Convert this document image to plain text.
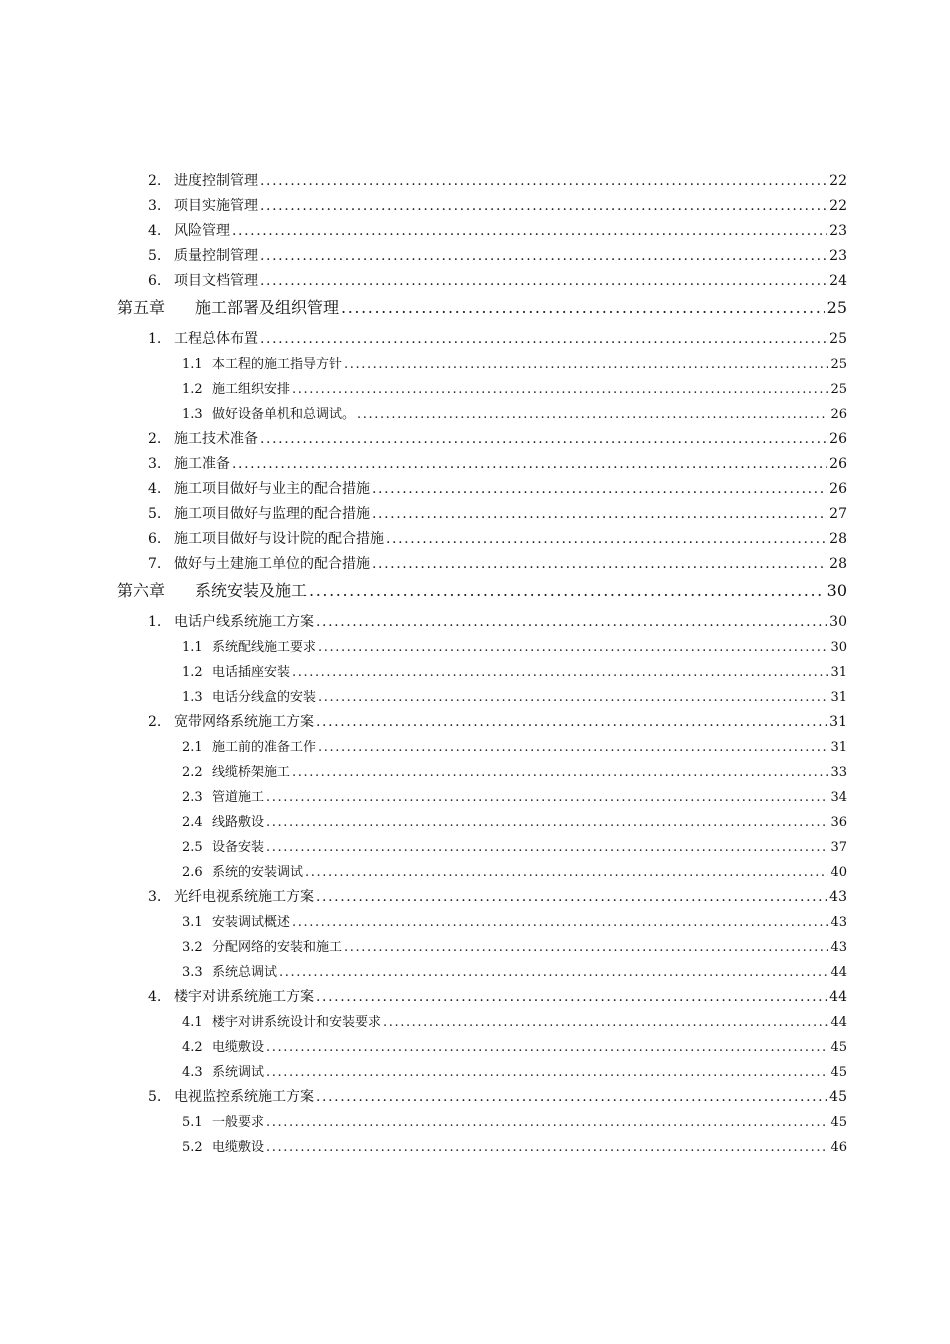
2. 进度控制管理 .....	22
3. 项目实施管理 .....	22
4. 风险管理 .....	23
5. 质量控制管理 .....	23
6. 项目文档管理 .....	24
第五章	施工部署及组织管理 .....	25
1. 工程总体布置 .....	25
1.1 本工程的施工指导方针 .....	25
1.2 施工组织安排 .....	25
1.3 做好设备单机和总调试。 .....	26
2. 施工技术准备 .....	26
3. 施工准备 .....	26
4. 施工项目做好与业主的配合措施 .....	26
5. 施工项目做好与监理的配合措施 .....	27
6. 施工项目做好与设计院的配合措施 .....	28
7. 做好与土建施工单位的配合措施 .....	28
第六章	系统安装及施工 .....	30
1. 电话户线系统施工方案 .....	30
1.1 系统配线施工要求 .....	30
1.2 电话插座安装 .....	31
1.3 电话分线盒的安装 .....	31
2. 宽带网络系统施工方案 .....	31
2.1 施工前的准备工作 .....	31
2.2 线缆桥架施工 .....	33
2.3 管道施工 .....	34
2.4 线路敷设 .....	36
2.5 设备安装 .....	37
2.6 系统的安装调试 .....	40
3. 光纤电视系统施工方案 .....	43
3.1 安装调试概述 .....	43
3.2 分配网络的安装和施工 .....	43
3.3 系统总调试 .....	44
4. 楼宇对讲系统施工方案 .....	44
4.1 楼宇对讲系统设计和安装要求 .....	44
4.2 电缆敷设 .....	45
4.3 系统调试 .....	45
5. 电视监控系统施工方案 .....	45
5.1 一般要求 .....	45
5.2 电缆敷设 .....	46
